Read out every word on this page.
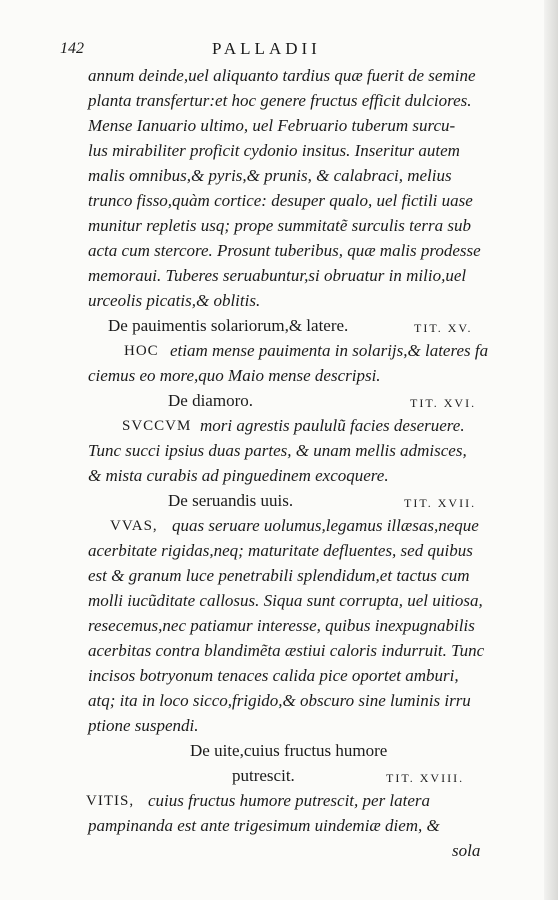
142	PALLADII
annum deinde,uel aliquanto tardius quæ fuerit de semine
planta transfertur:et hoc genere fructus efficit dulciores.
Mense Ianuario ultimo, uel Februario tuberum surcu-
lus mirabiliter proficit cydonio insitus. Inseritur autem
malis omnibus,& pyris,& prunis, & calabraci, melius
trunco fisso,quàm cortice: desuper qualo, uel fictili uase
munitur repletis usq; prope summitatẽ surculis terra sub
acta cum stercore. Prosunt tuberibus, quæ malis prodesse
memoraui. Tuberes seruabuntur,si obruatur in milio,uel
urceolis picatis,& oblitis.
De pauimentis solariorum,& latere.	TIT. XV.
HOC etiam mense pauimenta in solarijs,& lateres fa
ciemus eo more,quo Maio mense descripsi.
De diamoro.	TIT. XVI.
SVCCVM mori agrestis paululũ facies deseruere.
Tunc succi ipsius duas partes, & unam mellis admisces,
& mista curabis ad pinguedinem excoquere.
De seruandis uuis.	TIT. XVII.
VVAS, quas seruare uolumus,legamus illæsas,neque
acerbitate rigidas,neq; maturitate defluentes, sed quibus
est & granum luce penetrabili splendidum,et tactus cum
molli iucũditate callosus. Siqua sunt corrupta, uel uitiosa,
resecemus,nec patiamur interesse, quibus inexpugnabilis
acerbitas contra blandimẽta æstiui caloris indurruit. Tunc
incisos botryonum tenaces calida pice oportet amburi,
atq; ita in loco sicco,frigido,& obscuro sine luminis irru
ptione suspendi.
De uite,cuius fructus humore
putrescit.	TIT. XVIII.
VITIS, cuius fructus humore putrescit, per latera
pampinanda est ante trigesimum uindemiæ diem, &
sola
